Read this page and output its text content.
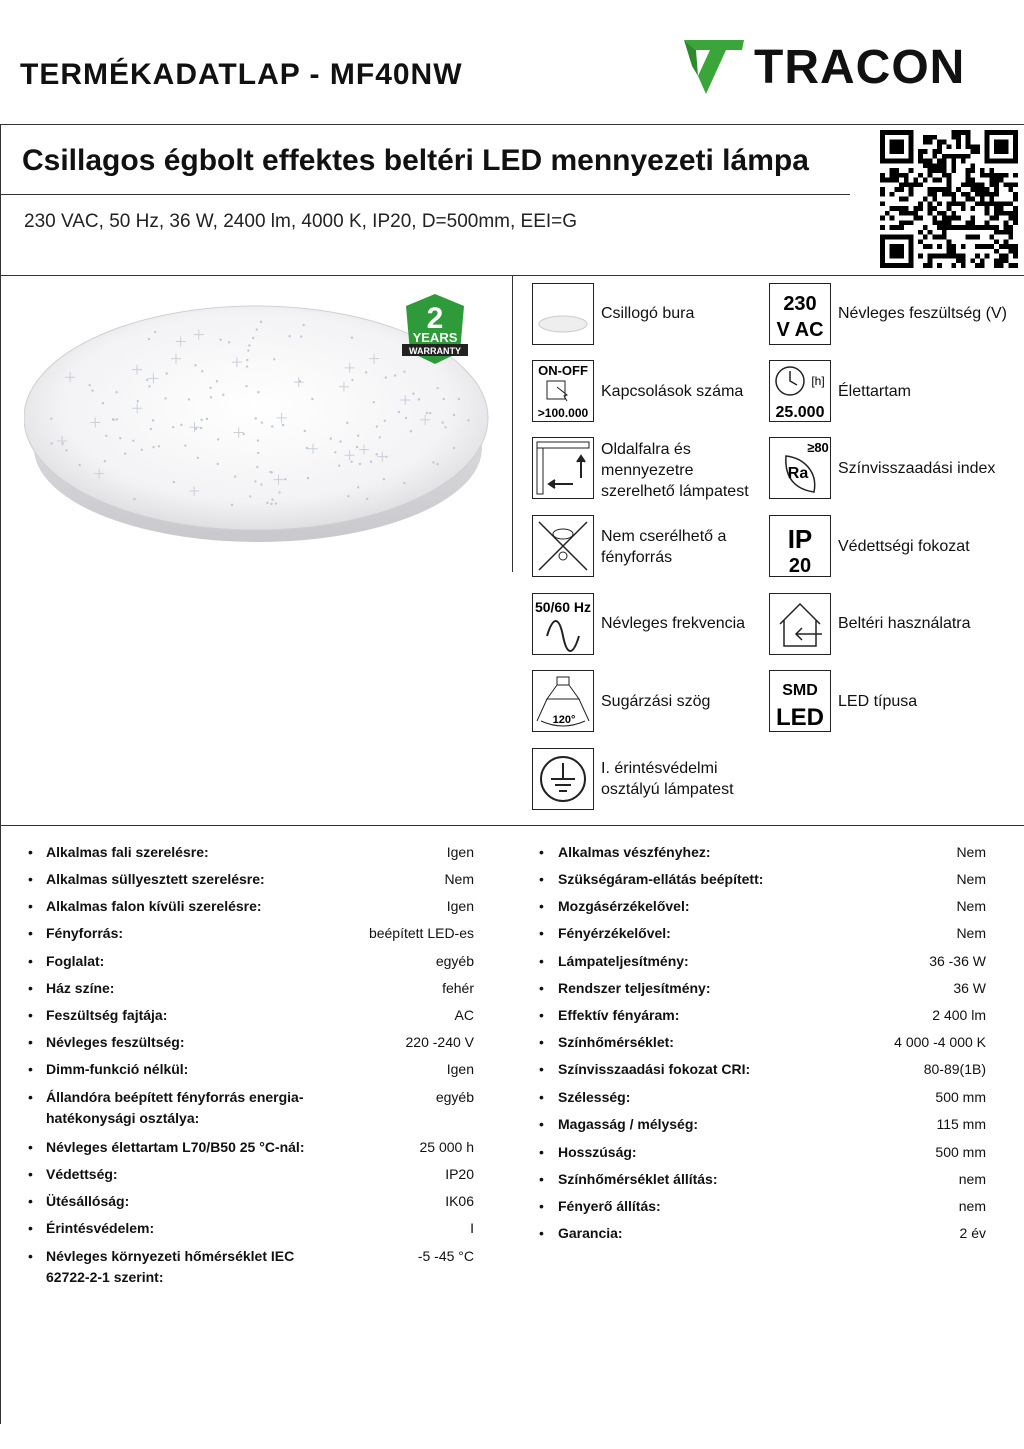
TERMÉKADATLAP - MF40NW	TRACON
Csillagos égbolt effektes beltéri LED mennyezeti lámpa
230 VAC, 50 Hz, 36 W, 2400 lm, 4000 K, IP20, D=500mm, EEI=G
2
YEARS
WARRANTY
Csillogó bura
ON-OFF
>100.000
Kapcsolások száma
Oldalfalra és mennyezetre szerelhető lámpatest
Nem cserélhető a fényforrás
50/60 Hz
Névleges frekvencia
120°
Sugárzási szög
I. érintésvédelmi osztályú lámpatest
230
V AC
Névleges feszültség (V)
[h]
25.000
Élettartam
≥80
Ra Színvisszaadási index
IP
20
Védettségi fokozat
Beltéri használatra
SMD
LED
LED típusa
• Alkalmas fali szerelésre:	Igen
• Alkalmas süllyesztett szerelésre:	Nem
• Alkalmas falon kívüli szerelésre:	Igen
• Fényforrás:	beépített LED-es
• Foglalat:	egyéb
• Ház színe:	fehér
• Feszültség fajtája:	AC
• Névleges feszültség:	220 -240 V
• Dimm-funkció nélkül:	Igen
• Állandóra beépített fényforrás energia-
hatékonysági osztálya:
egyéb
• Névleges élettartam L70/B50 25 °C-nál:	25 000 h
• Védettség:	IP20
• Ütésállóság:	IK06
• Érintésvédelem:	I
• Névleges környezeti hőmérséklet IEC
62722-2-1 szerint:
-5 -45 °C
• Alkalmas vészfényhez:	Nem
• Szükségáram-ellátás beépített:	Nem
• Mozgásérzékelővel:	Nem
• Fényérzékelővel:	Nem
• Lámpateljesítmény:	36 -36 W
• Rendszer teljesítmény:	36 W
• Effektív fényáram:	2 400 lm
• Színhőmérséklet:	4 000 -4 000 K
• Színvisszaadási fokozat CRI:	80-89(1B)
• Szélesség:	500 mm
• Magasság / mélység:	115 mm
• Hosszúság:	500 mm
• Színhőmérséklet állítás:	nem
• Fényerő állítás:	nem
• Garancia:	2 év
